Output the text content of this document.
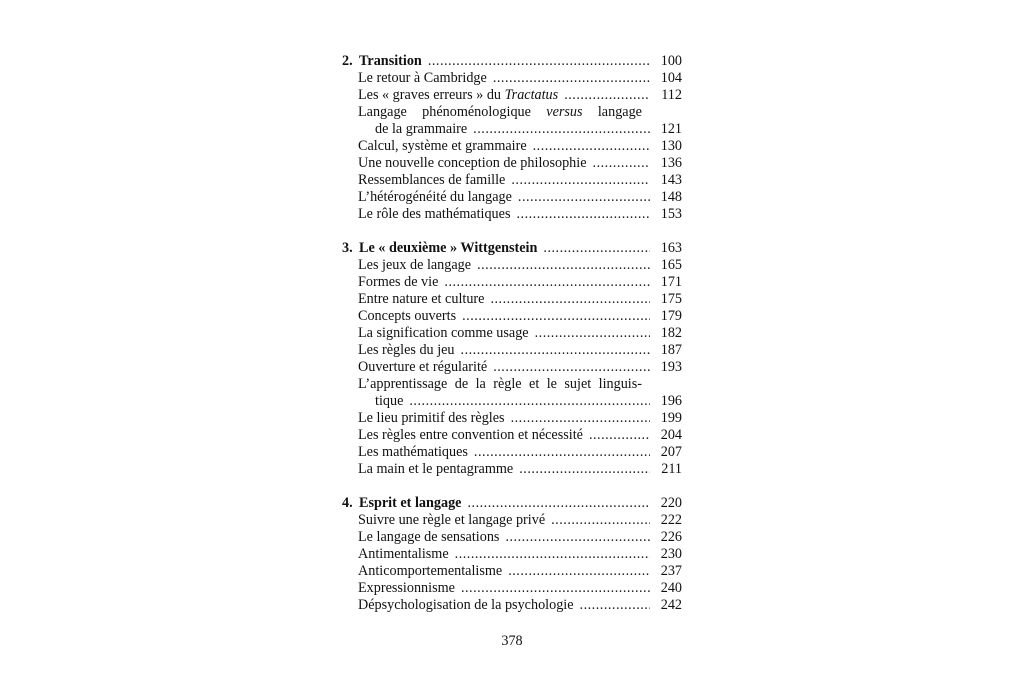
2. Transition .....	100
Le retour à Cambridge .....	104
Les « graves erreurs » du Tractatus .....	112
Langage phénoménologique versus langage
de la grammaire .....	121
Calcul, système et grammaire .....	130
Une nouvelle conception de philosophie .....	136
Ressemblances de famille .....	143
L’hétérogénéité du langage .....	148
Le rôle des mathématiques .....	153
3. Le « deuxième » Wittgenstein .....	163
Les jeux de langage .....	165
Formes de vie .....	171
Entre nature et culture .....	175
Concepts ouverts .....	179
La signification comme usage .....	182
Les règles du jeu .....	187
Ouverture et régularité .....	193
L’apprentissage de la règle et le sujet linguis-
tique .....	196
Le lieu primitif des règles .....	199
Les règles entre convention et nécessité .....	204
Les mathématiques .....	207
La main et le pentagramme .....	211
4. Esprit et langage .....	220
Suivre une règle et langage privé .....	222
Le langage de sensations .....	226
Antimentalisme .....	230
Anticomportementalisme .....	237
Expressionnisme .....	240
Dépsychologisation de la psychologie .....	242
378
